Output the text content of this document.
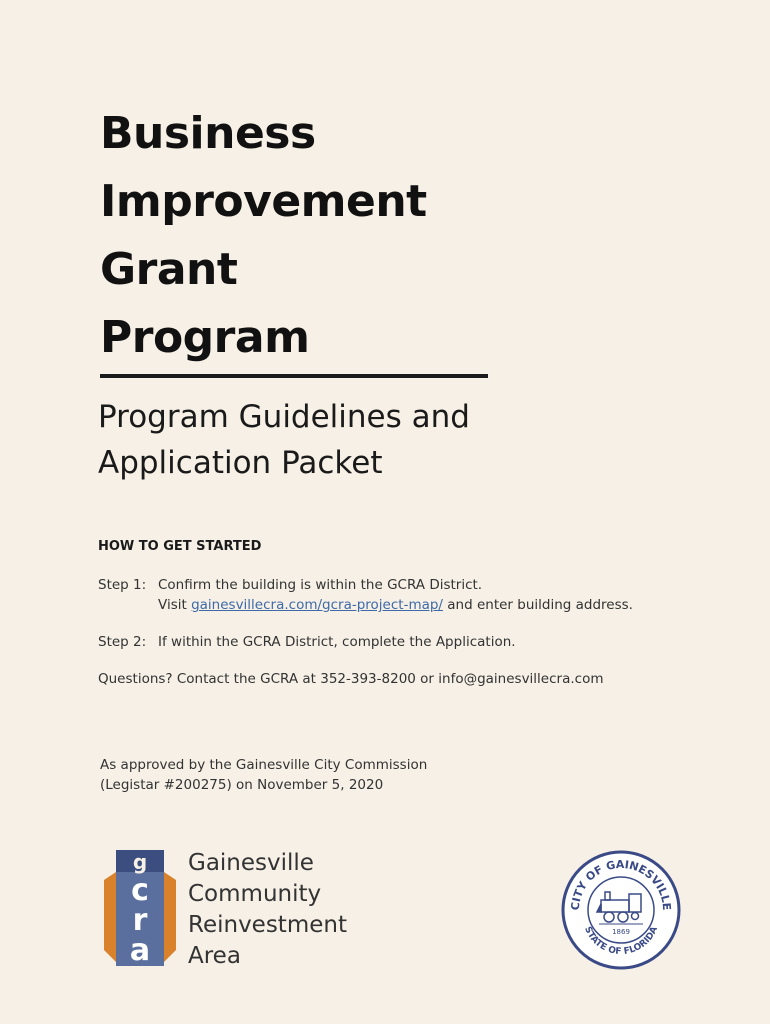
Business
Improvement
Grant
Program
Program Guidelines and
Application Packet
HOW TO GET STARTED
Step 1: Confirm the building is within the GCRA District.
Visit gainesvillecra.com/gcra-project-map/ and enter building address.
Step 2: If within the GCRA District, complete the Application.
Questions? Contact the GCRA at 352-393-8200 or info@gainesvillecra.com
As approved by the Gainesville City Commission
(Legistar #200275) on November 5, 2020
g
c
r
a
Gainesville
Community
Reinvestment
Area
CITY OF GAINESVILLE
STATE OF FLORIDA
1869
